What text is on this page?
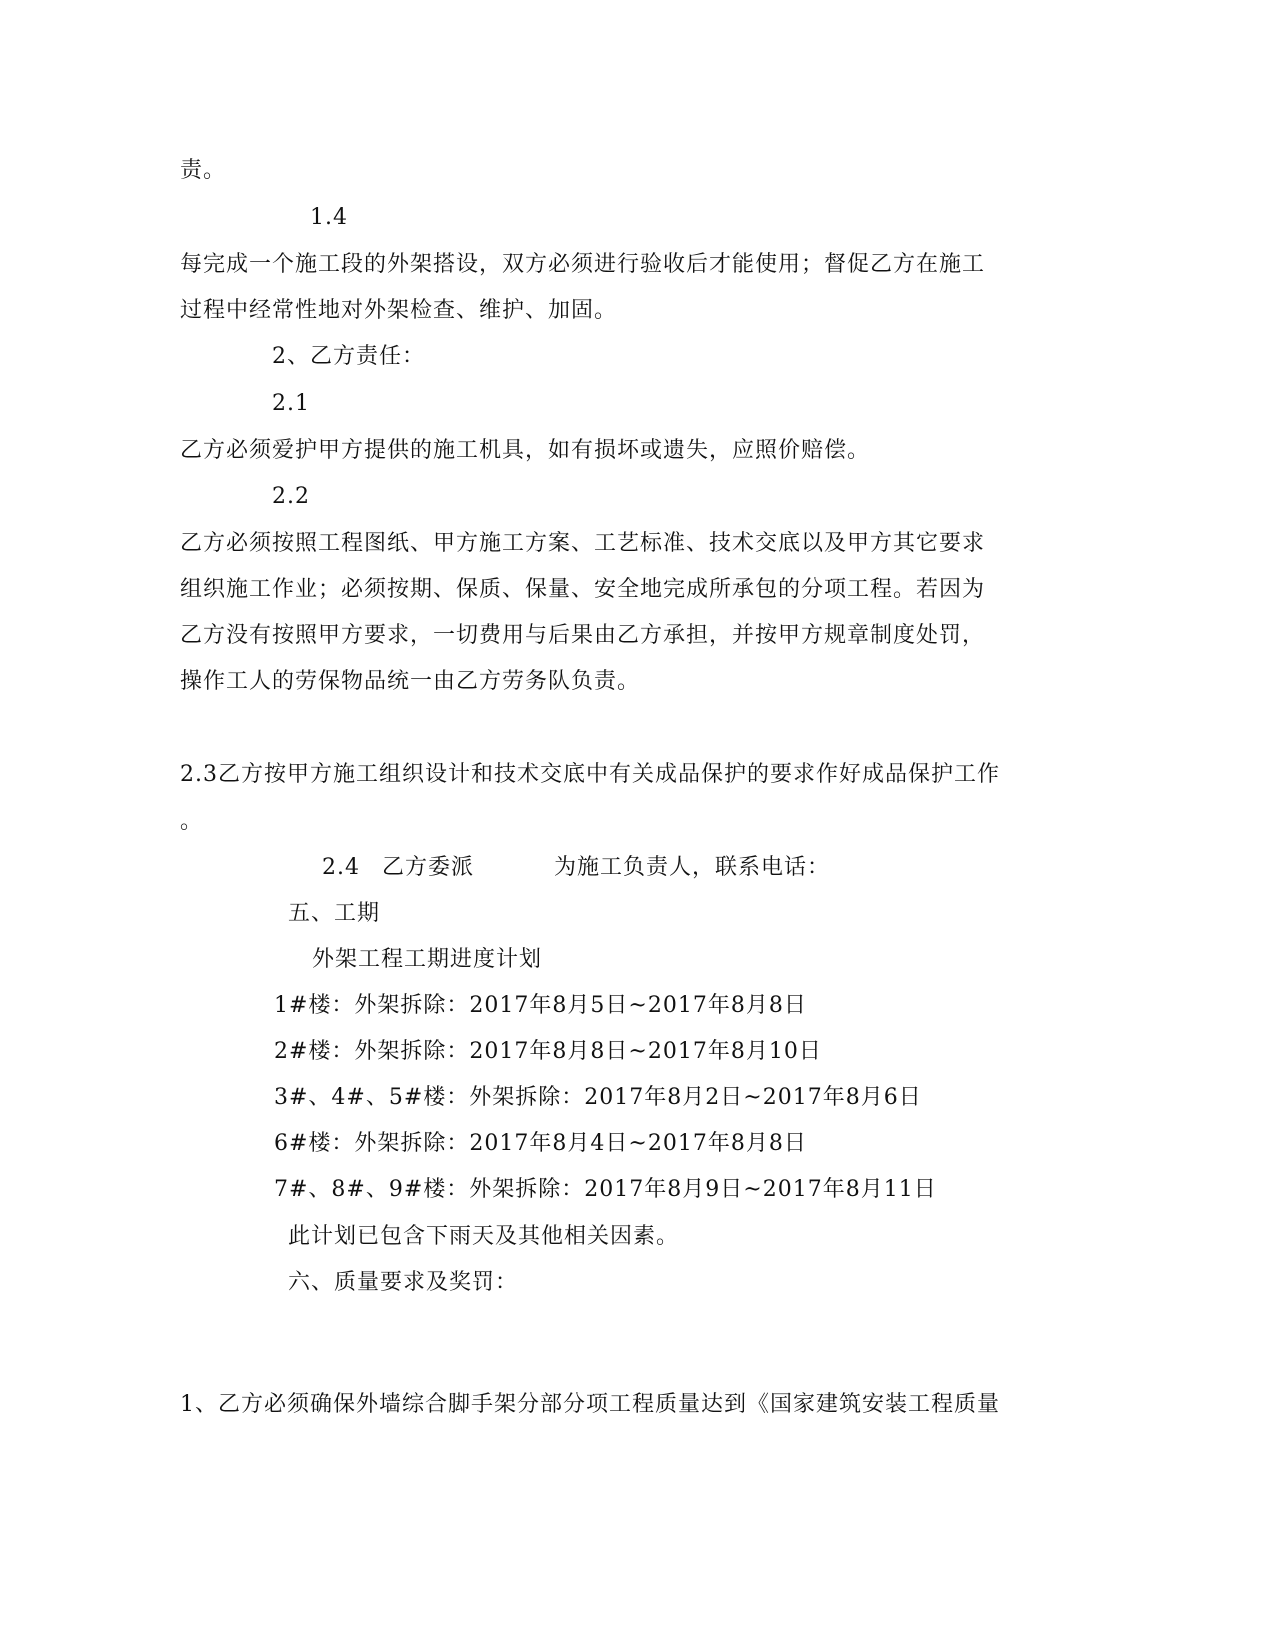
责。
1.4
每完成一个施工段的外架搭设，双方必须进行验收后才能使用；督促乙方在施工
过程中经常性地对外架检查、维护、加固。
2、乙方责任：
2.1
乙方必须爱护甲方提供的施工机具，如有损坏或遗失，应照价赔偿。
2.2
乙方必须按照工程图纸、甲方施工方案、工艺标准、技术交底以及甲方其它要求
组织施工作业；必须按期、保质、保量、安全地完成所承包的分项工程。若因为
乙方没有按照甲方要求，一切费用与后果由乙方承担，并按甲方规章制度处罚，
操作工人的劳保物品统一由乙方劳务队负责。
2.3乙方按甲方施工组织设计和技术交底中有关成品保护的要求作好成品保护工作
。
2.4 乙方委派	为施工负责人，联系电话：
五、工期
外架工程工期进度计划
1#楼：外架拆除：2017年8月5日~2017年8月8日
2#楼：外架拆除：2017年8月8日~2017年8月10日
3#、4#、5#楼：外架拆除：2017年8月2日~2017年8月6日
6#楼：外架拆除：2017年8月4日~2017年8月8日
7#、8#、9#楼：外架拆除：2017年8月9日~2017年8月11日
此计划已包含下雨天及其他相关因素。
六、质量要求及奖罚：
1、乙方必须确保外墙综合脚手架分部分项工程质量达到《国家建筑安装工程质量
